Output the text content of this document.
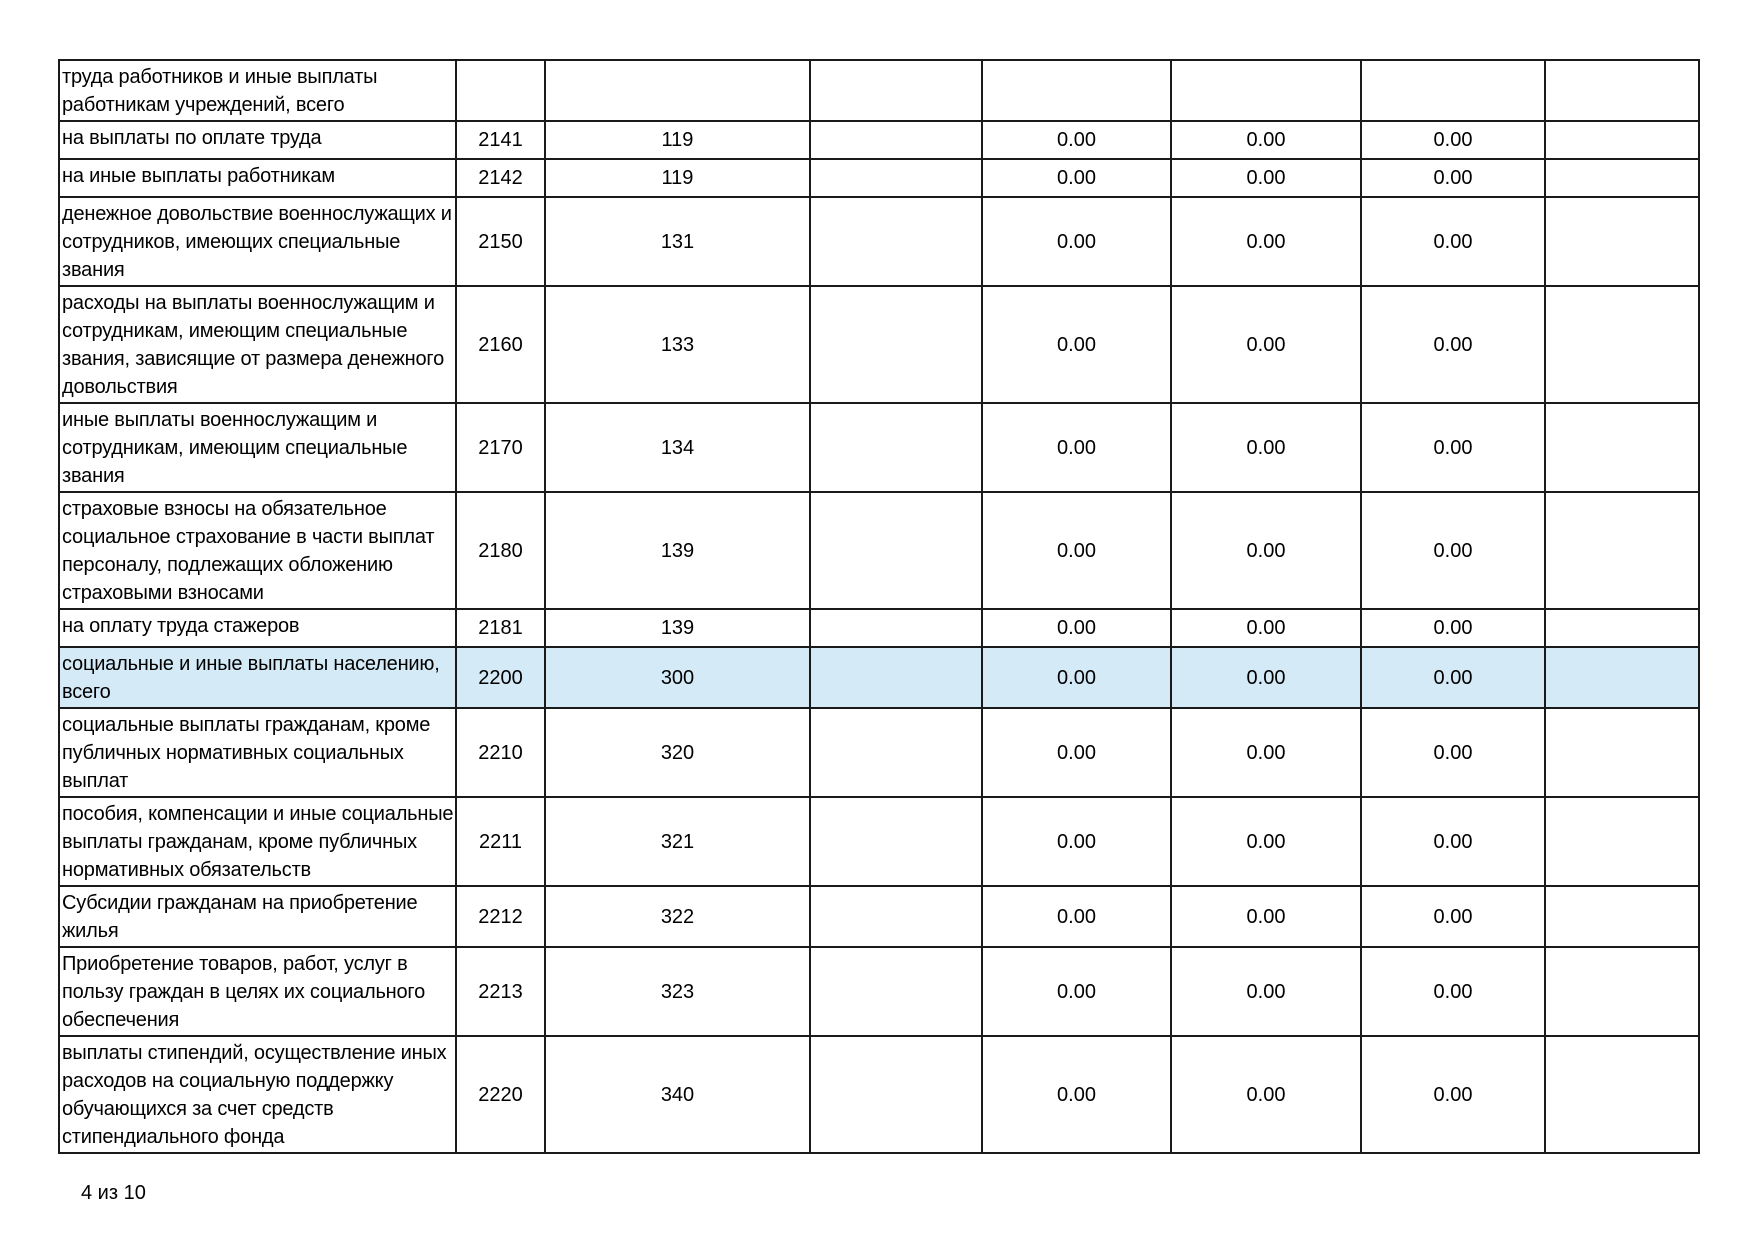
труда работников и иные выплаты работникам учреждений, всего							
на выплаты по оплате труда	2141	119		0.00	0.00	0.00	
на иные выплаты работникам	2142	119		0.00	0.00	0.00	
денежное довольствие военнослужащих и сотрудников, имеющих специальные звания	2150	131		0.00	0.00	0.00	
расходы на выплаты военнослужащим и сотрудникам, имеющим специальные звания, зависящие от размера денежного довольствия	2160	133		0.00	0.00	0.00	
иные выплаты военнослужащим и сотрудникам, имеющим специальные звания	2170	134		0.00	0.00	0.00	
страховые взносы на обязательное социальное страхование в части выплат персоналу, подлежащих обложению страховыми взносами	2180	139		0.00	0.00	0.00	
на оплату труда стажеров	2181	139		0.00	0.00	0.00	
социальные и иные выплаты населению, всего	2200	300		0.00	0.00	0.00	
социальные выплаты гражданам, кроме публичных нормативных социальных выплат	2210	320		0.00	0.00	0.00	
пособия, компенсации и иные социальные выплаты гражданам, кроме публичных нормативных обязательств	2211	321		0.00	0.00	0.00	
Субсидии гражданам на приобретение жилья	2212	322		0.00	0.00	0.00	
Приобретение товаров, работ, услуг в пользу граждан в целях их социального обеспечения	2213	323		0.00	0.00	0.00	
выплаты стипендий, осуществление иных расходов на социальную поддержку обучающихся за счет средств стипендиального фонда	2220	340		0.00	0.00	0.00	
4 из 10
